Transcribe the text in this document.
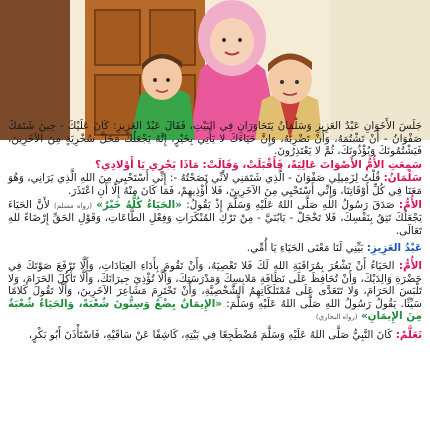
جَلَسَ الأَخَوَانِ عَبْدُ العَزِيزِ وَسَلْمَانُ يَتَحَاوَرَانِ فِي البَيْتِ، فَقَالَ عَبْدُ العَزِيزِ: كَانَ عَلَيْكَ - حِينَ شَتَمَكَ صَفْوَانُ - أَنْ تَشْتُمَهُ، وَأَنْ تَضْرِبَهُ، وَإِنَّ حَيَاءَكَ لا يَأْتِي بِخَيْرٍ، إِنَّهُ يَجْعَلُكَ مَحَلَّ سُخْرِيَةٍ مِنَ الآخَرِينَ، فَيَشْتُمُونَكَ وَيُؤْذُونَكَ، ثُمَّ لا يَعْتَذِرُونَ.

سَمِعَتِ الأُمُّ الأَصْوَاتَ عَالِيَةً، فَأَقْبَلَتْ، وَقَالَتْ: مَاذَا يَجْرِي يَا أَوْلادِي؟

سَلْمَانُ: قُلْتُ لِزَمِيلِي صَفْوَانَ - الَّذِي شَتَمَنِي لأَنِّي نَصَحْتُهُ -: إِنِّي أَسْتَحْيِي مِنَ اللهِ الَّذِي يَرَانِي، وَهُوَ مَعَنَا فِي كُلِّ أَوْقَاتِنَا، وَإِنِّي أَسْتَحْيِي مِنَ الآخَرِينَ، فَلا أُؤْذِيهِمْ، فَمَا كَانَ مِنْهُ إِلَّا أَنِ اعْتَذَرَ.

الأُمُّ: صَدَقَ رَسُولُ اللهِ صَلَّى اللهُ عَلَيْهِ وَسَلَّمَ إِذْ يَقُولُ: «الحَيَاءُ كُلُّهُ خَيْرٌ» (رواه مسلم) لأَنَّ الحَيَاءَ يَجْعَلُكَ تَثِقُ بِنَفْسِكَ، فَلا تَخْجَلْ - يَابُنَيَّ - مِنْ تَرْكِ المُنْكَرَاتِ وَفِعْلِ الطَّاعَاتِ، وَقَوْلِ الحَقِّ إِرْضَاءً للهِ تَعَالَى.

عَبْدُ العَزِيزِ: بَيِّنِي لَنَا مَعْنَى الحَيَاءِ يَا أُمِّي.

الأُمُّ: الحَيَاءُ أَنْ تَشْعُرَ بِمُرَاقَبَةِ اللهِ لَكَ فَلا تَعْصِيَهُ، وَأَنْ تَقُومَ بِأَدَاءِ العِبَادَاتِ، وَأَلَّا تَرْفَعَ صَوْتَكَ فِي حَضْرَةِ وَالِدَيْكَ، وَأَنْ تُحَافِظَ عَلَى نَظَافَةِ مَلابِسِكَ وَمَدْرَسَتِكَ، وَأَلَّا تُؤْذِيَ جِيرَانَكَ، وَأَلَّا تَأْكُلَ الحَرَامَ، وَلا تَلْبَسَ الحَرَامَ، وَلا تَتَعَدَّى عَلَى مُمْتَلَكَاتِهِمُ الشَّخْصِيَّةِ، وَأَنْ تَحْتَرِمَ مَشَاعِرَ الآخَرِينَ، وَأَلَّا تَقُولَ كَلامًا سَيِّئًا. يَقُولُ رَسُولُ اللهِ صَلَّى اللهُ عَلَيْهِ وَسَلَّمَ: «الإِيمَانُ بِضْعٌ وَسِتُّونَ شُعْبَةً، وَالحَيَاءُ شُعْبَةٌ مِنَ الإِيمَانِ» (رواه البخاري)

تَعَلَّمْ: كَانَ النَّبِيُّ صَلَّى اللهُ عَلَيْهِ وَسَلَّمَ مُضْطَجِعًا فِي بَيْتِهِ، كَاشِفًا عَنْ سَاقَيْهِ، فَاسْتَأْذَنَ أَبُو بَكْرٍ،
